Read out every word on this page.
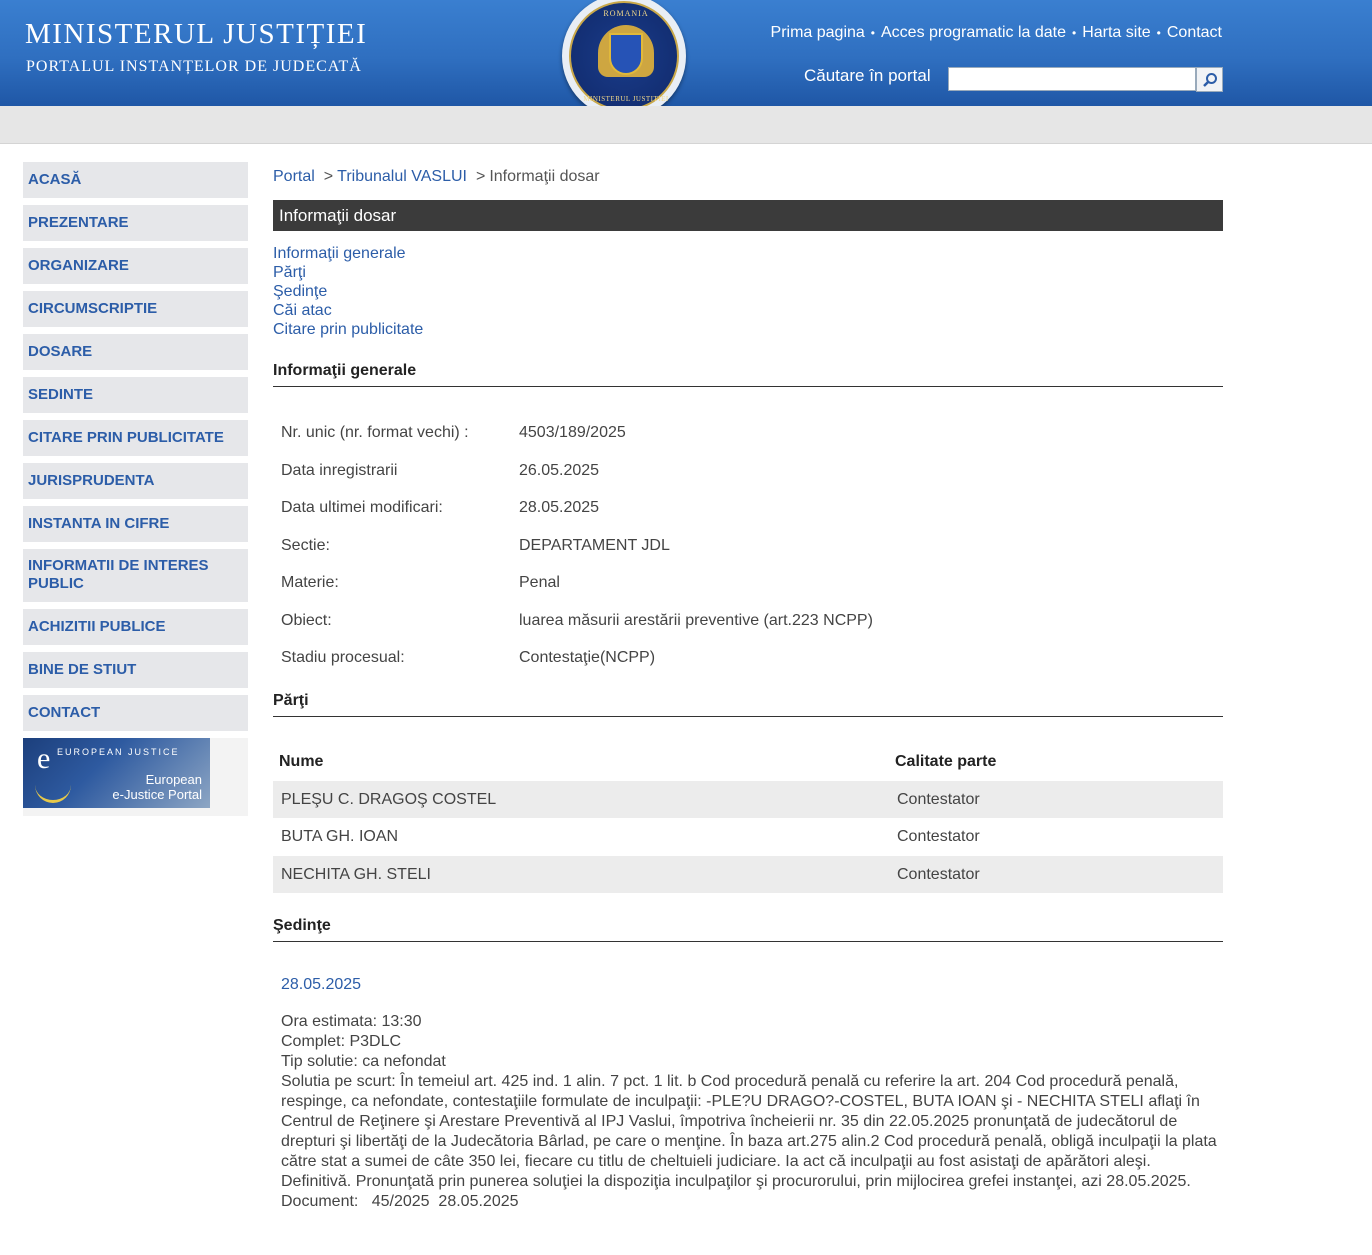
MINISTERUL JUSTIȚIEI
PORTALUL INSTANȚELOR DE JUDECATĂ
ROMANIA
MINISTERUL JUSTITIEI
Prima pagina • Acces programatic la date • Harta site • Contact
Căutare în portal
ACASĂ
PREZENTARE
ORGANIZARE
CIRCUMSCRIPTIE
DOSARE
SEDINTE
CITARE PRIN PUBLICITATE
JURISPRUDENTA
INSTANTA IN CIFRE
INFORMATII DE INTERES PUBLIC
ACHIZITII PUBLICE
BINE DE STIUT
CONTACT
e EUROPEAN JUSTICE
European
e-Justice Portal
Portal > Tribunalul VASLUI > Informaţii dosar
Informaţii dosar
Informaţii generale
Părţi
Şedinţe
Căi atac
Citare prin publicitate
Informaţii generale
Nr. unic (nr. format vechi) :	4503/189/2025
Data inregistrarii	26.05.2025
Data ultimei modificari:	28.05.2025
Sectie:	DEPARTAMENT JDL
Materie:	Penal
Obiect:	luarea măsurii arestării preventive (art.223 NCPP)
Stadiu procesual:	Contestaţie(NCPP)
Părţi
Nume	Calitate parte
PLEŞU C. DRAGOŞ COSTEL	Contestator
BUTA GH. IOAN	Contestator
NECHITA GH. STELI	Contestator
Şedinţe
28.05.2025
Ora estimata: 13:30
Complet: P3DLC
Tip solutie: ca nefondat
Solutia pe scurt: În temeiul art. 425 ind. 1 alin. 7 pct. 1 lit. b Cod procedură penală cu referire la art. 204 Cod procedură penală, respinge, ca nefondate, contestaţiile formulate de inculpaţii: -PLE?U DRAGO?-COSTEL, BUTA IOAN şi - NECHITA STELI aflaţi în Centrul de Reţinere şi Arestare Preventivă al IPJ Vaslui, împotriva încheierii nr. 35 din 22.05.2025 pronunţată de judecătorul de drepturi şi libertăţi de la Judecătoria Bârlad, pe care o menţine. În baza art.275 alin.2 Cod procedură penală, obligă inculpaţii la plata către stat a sumei de câte 350 lei, fiecare cu titlu de cheltuieli judiciare. Ia act că inculpaţii au fost asistaţi de apărători aleşi. Definitivă. Pronunţată prin punerea soluţiei la dispoziţia inculpaţilor şi procurorului, prin mijlocirea grefei instanţei, azi 28.05.2025.
Document:   45/2025  28.05.2025
